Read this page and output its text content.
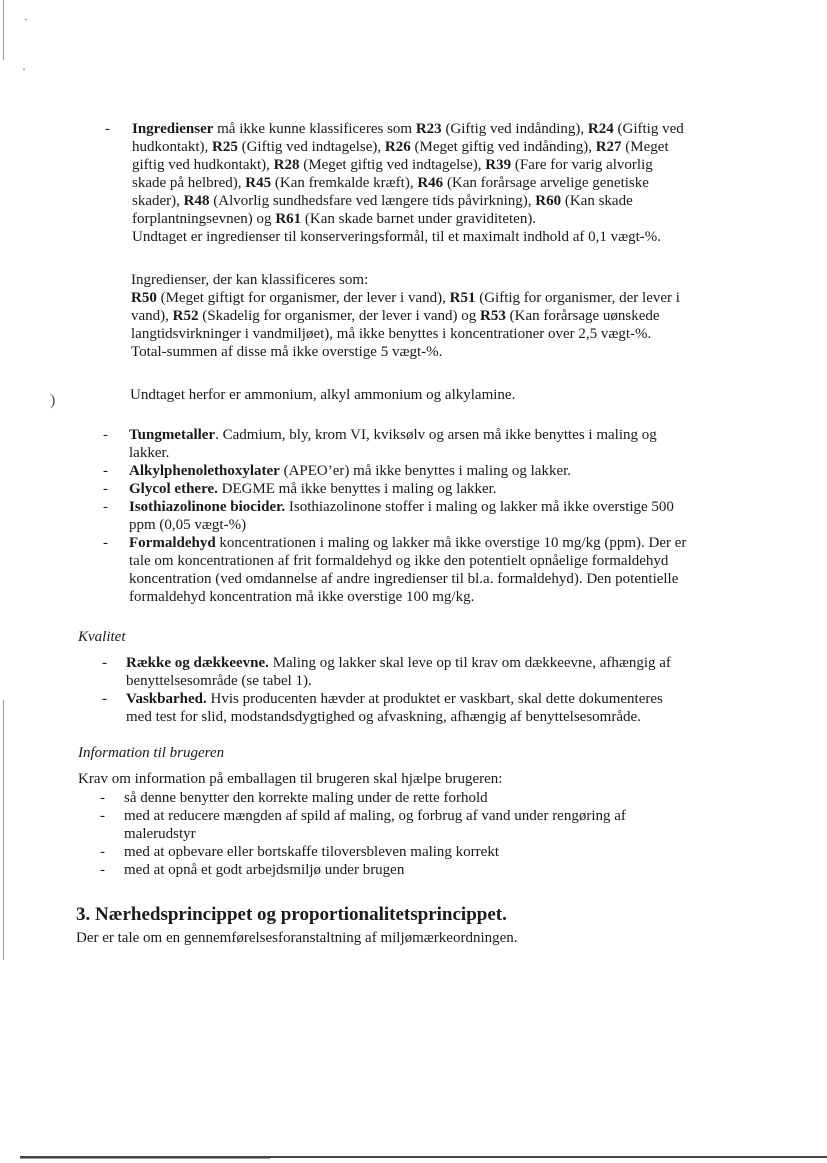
`
·
- Ingredienser må ikke kunne klassificeres som R23 (Giftig ved indånding), R24 (Giftig ved
hudkontakt), R25 (Giftig ved indtagelse), R26 (Meget giftig ved indånding), R27 (Meget
giftig ved hudkontakt), R28 (Meget giftig ved indtagelse), R39 (Fare for varig alvorlig
skade på helbred), R45 (Kan fremkalde kræft), R46 (Kan forårsage arvelige genetiske
skader), R48 (Alvorlig sundhedsfare ved længere tids påvirkning), R60 (Kan skade
forplantningsevnen) og R61 (Kan skade barnet under graviditeten).
Undtaget er ingredienser til konserveringsformål, til et maximalt indhold af 0,1 vægt-%.
Ingredienser, der kan klassificeres som:
R50 (Meget giftigt for organismer, der lever i vand), R51 (Giftig for organismer, der lever i
vand), R52 (Skadelig for organismer, der lever i vand) og R53 (Kan forårsage uønskede
langtidsvirkninger i vandmiljøet), må ikke benyttes i koncentrationer over 2,5 vægt-%.
Total-summen af disse må ikke overstige 5 vægt-%.
Undtaget herfor er ammonium, alkyl ammonium og alkylamine.
)
- Tungmetaller. Cadmium, bly, krom VI, kviksølv og arsen må ikke benyttes i maling og
lakker.
- Alkylphenolethoxylater (APEO’er) må ikke benyttes i maling og lakker.
- Glycol ethere. DEGME må ikke benyttes i maling og lakker.
- Isothiazolinone biocider. Isothiazolinone stoffer i maling og lakker må ikke overstige 500
ppm (0,05 vægt-%)
- Formaldehyd koncentrationen i maling og lakker må ikke overstige 10 mg/kg (ppm). Der er
tale om koncentrationen af frit formaldehyd og ikke den potentielt opnåelige formaldehyd
koncentration (ved omdannelse af andre ingredienser til bl.a. formaldehyd). Den potentielle
formaldehyd koncentration må ikke overstige 100 mg/kg.
Kvalitet
- Række og dækkeevne. Maling og lakker skal leve op til krav om dækkeevne, afhængig af
benyttelsesområde (se tabel 1).
- Vaskbarhed. Hvis producenten hævder at produktet er vaskbart, skal dette dokumenteres
med test for slid, modstandsdygtighed og afvaskning, afhængig af benyttelsesområde.
Information til brugeren
Krav om information på emballagen til brugeren skal hjælpe brugeren:
- så denne benytter den korrekte maling under de rette forhold
- med at reducere mængden af spild af maling, og forbrug af vand under rengøring af
malerudstyr
- med at opbevare eller bortskaffe tiloversbleven maling korrekt
- med at opnå et godt arbejdsmiljø under brugen
3. Nærhedsprincippet og proportionalitetsprincippet.
Der er tale om en gennemførelsesforanstaltning af miljømærkeordningen.
